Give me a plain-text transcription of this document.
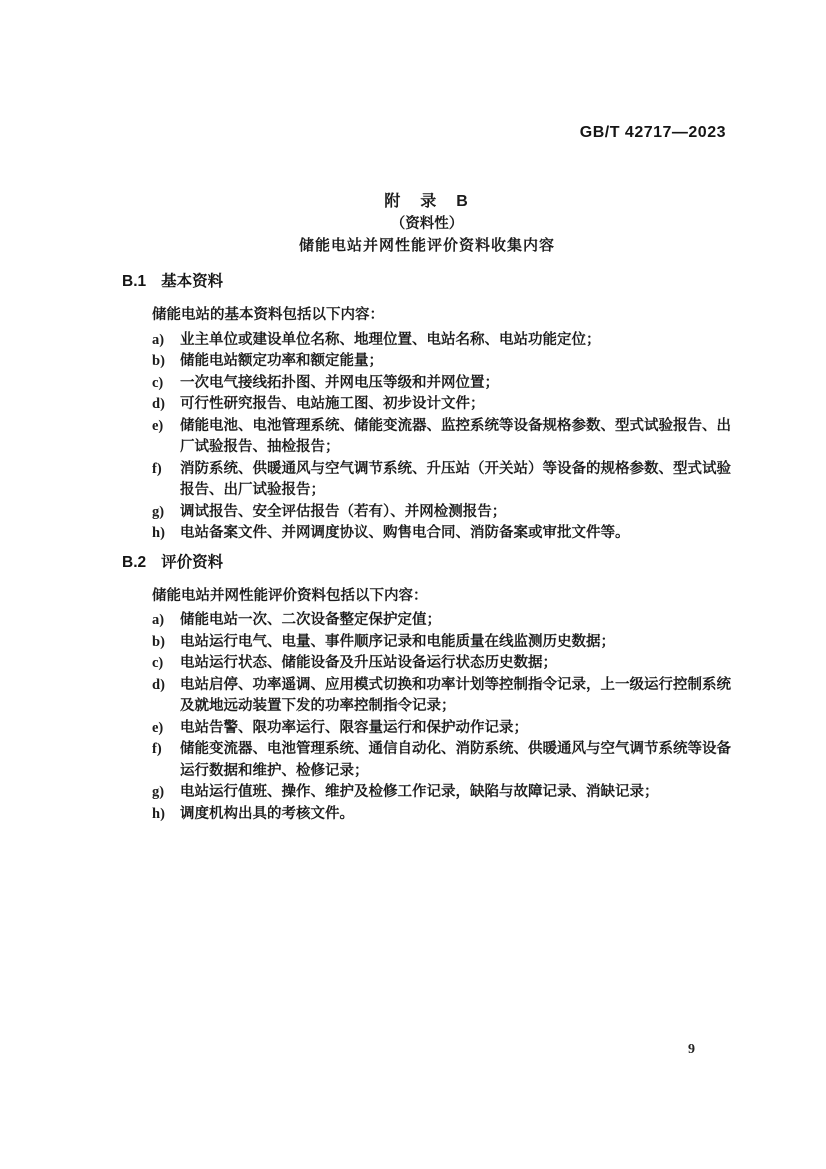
GB/T 42717—2023
附　录　B
（资料性）
储能电站并网性能评价资料收集内容
B.1 基本资料

储能电站的基本资料包括以下内容：

a)	业主单位或建设单位名称、地理位置、电站名称、电站功能定位；
b)	储能电站额定功率和额定能量；
c)	一次电气接线拓扑图、并网电压等级和并网位置；
d)	可行性研究报告、电站施工图、初步设计文件；
e)	储能电池、电池管理系统、储能变流器、监控系统等设备规格参数、型式试验报告、出厂试验报告、抽检报告；
f)	消防系统、供暖通风与空气调节系统、升压站（开关站）等设备的规格参数、型式试验报告、出厂试验报告；
g)	调试报告、安全评估报告（若有）、并网检测报告；
h)	电站备案文件、并网调度协议、购售电合同、消防备案或审批文件等。
B.2 评价资料

储能电站并网性能评价资料包括以下内容：

a)	储能电站一次、二次设备整定保护定值；
b)	电站运行电气、电量、事件顺序记录和电能质量在线监测历史数据；
c)	电站运行状态、储能设备及升压站设备运行状态历史数据；
d)	电站启停、功率遥调、应用模式切换和功率计划等控制指令记录，上一级运行控制系统及就地远动装置下发的功率控制指令记录；
e)	电站告警、限功率运行、限容量运行和保护动作记录；
f)	储能变流器、电池管理系统、通信自动化、消防系统、供暖通风与空气调节系统等设备运行数据和维护、检修记录；
g)	电站运行值班、操作、维护及检修工作记录，缺陷与故障记录、消缺记录；
h)	调度机构出具的考核文件。
9
